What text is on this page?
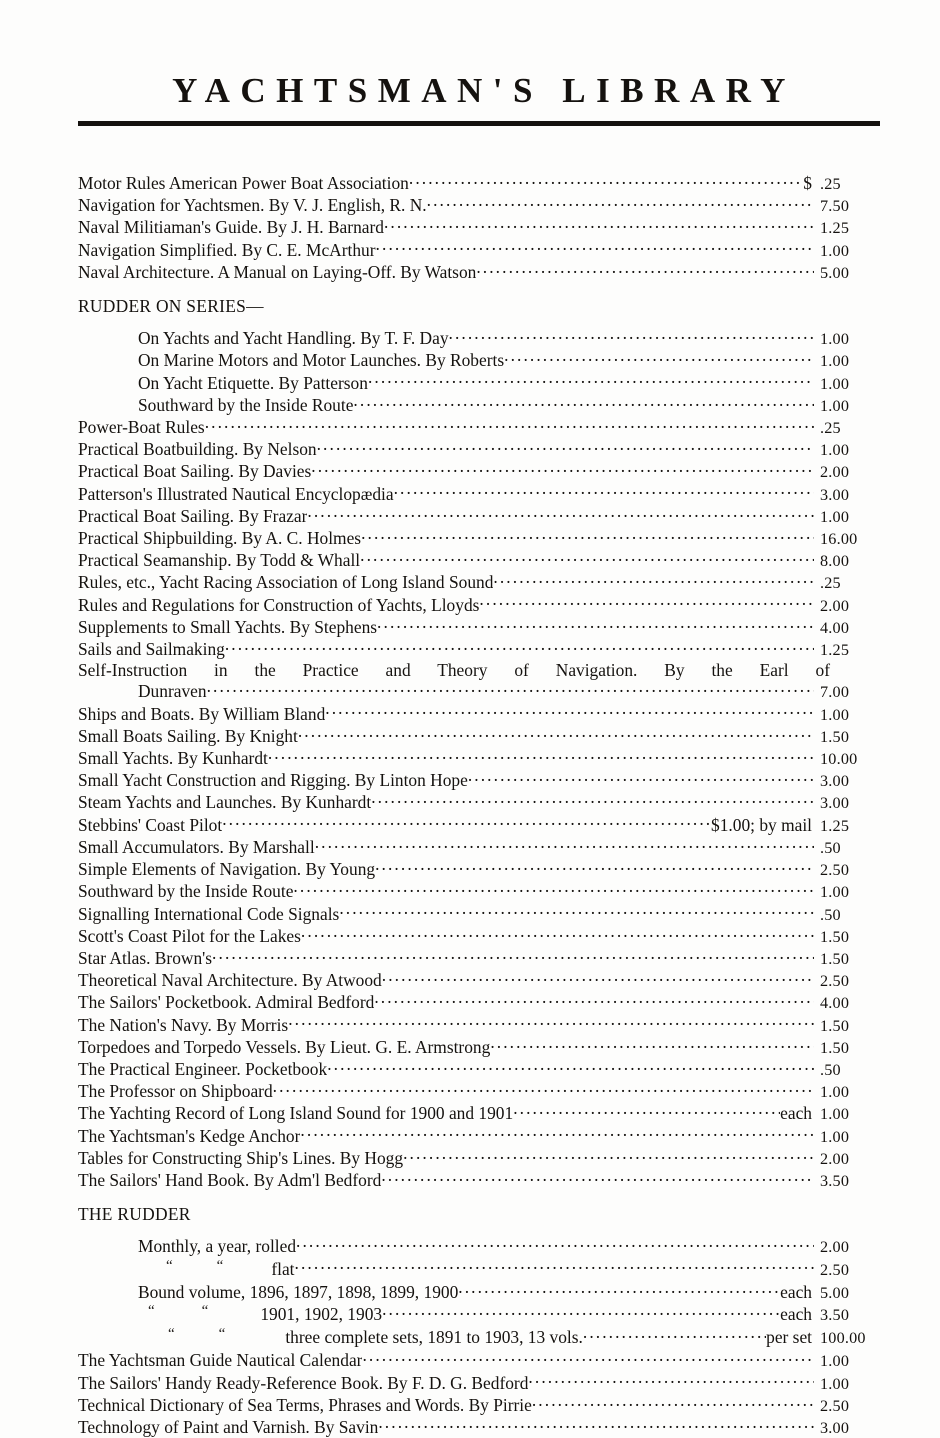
YACHTSMAN'S LIBRARY
Motor Rules American Power Boat Association .....	$ .25
Navigation for Yachtsmen. By V. J. English, R. N. .....	7.50
Naval Militiaman's Guide. By J. H. Barnard .....	1.25
Navigation Simplified. By C. E. McArthur .....	1.00
Naval Architecture. A Manual on Laying-Off. By Watson .....	5.00
RUDDER ON SERIES—
On Yachts and Yacht Handling. By T. F. Day .....	1.00
On Marine Motors and Motor Launches. By Roberts .....	1.00
On Yacht Etiquette. By Patterson .....	1.00
Southward by the Inside Route .....	1.00
Power-Boat Rules .....	.25
Practical Boatbuilding. By Nelson .....	1.00
Practical Boat Sailing. By Davies .....	2.00
Patterson's Illustrated Nautical Encyclopædia .....	3.00
Practical Boat Sailing. By Frazar .....	1.00
Practical Shipbuilding. By A. C. Holmes .....	16.00
Practical Seamanship. By Todd & Whall .....	8.00
Rules, etc., Yacht Racing Association of Long Island Sound .....	.25
Rules and Regulations for Construction of Yachts, Lloyds .....	2.00
Supplements to Small Yachts. By Stephens .....	4.00
Sails and Sailmaking .....	1.25
Self-Instruction in the Practice and Theory of Navigation. By the Earl of
Dunraven .....	7.00
Ships and Boats. By William Bland .....	1.00
Small Boats Sailing. By Knight .....	1.50
Small Yachts. By Kunhardt .....	10.00
Small Yacht Construction and Rigging. By Linton Hope .....	3.00
Steam Yachts and Launches. By Kunhardt .....	3.00
Stebbins' Coast Pilot .....	$1.00; by mail 1.25
Small Accumulators. By Marshall .....	.50
Simple Elements of Navigation. By Young .....	2.50
Southward by the Inside Route .....	1.00
Signalling International Code Signals .....	.50
Scott's Coast Pilot for the Lakes .....	1.50
Star Atlas. Brown's .....	1.50
Theoretical Naval Architecture. By Atwood .....	2.50
The Sailors' Pocketbook. Admiral Bedford .....	4.00
The Nation's Navy. By Morris .....	1.50
Torpedoes and Torpedo Vessels. By Lieut. G. E. Armstrong .....	1.50
The Practical Engineer. Pocketbook .....	.50
The Professor on Shipboard .....	1.00
The Yachting Record of Long Island Sound for 1900 and 1901 .....	each 1.00
The Yachtsman's Kedge Anchor .....	1.00
Tables for Constructing Ship's Lines. By Hogg .....	2.00
The Sailors' Hand Book. By Adm'l Bedford .....	3.50
THE RUDDER
Monthly, a year, rolled .....	2.00
“	“	flat .....	2.50
Bound volume, 1896, 1897, 1898, 1899, 1900 .....	each 5.00
“	“	1901, 1902, 1903 .....	each 3.50
“	“	three complete sets, 1891 to 1903, 13 vols. .....	per set 100.00
The Yachtsman Guide Nautical Calendar .....	1.00
The Sailors' Handy Ready-Reference Book. By F. D. G. Bedford .....	1.00
Technical Dictionary of Sea Terms, Phrases and Words. By Pirrie .....	2.50
Technology of Paint and Varnish. By Savin .....	3.00
